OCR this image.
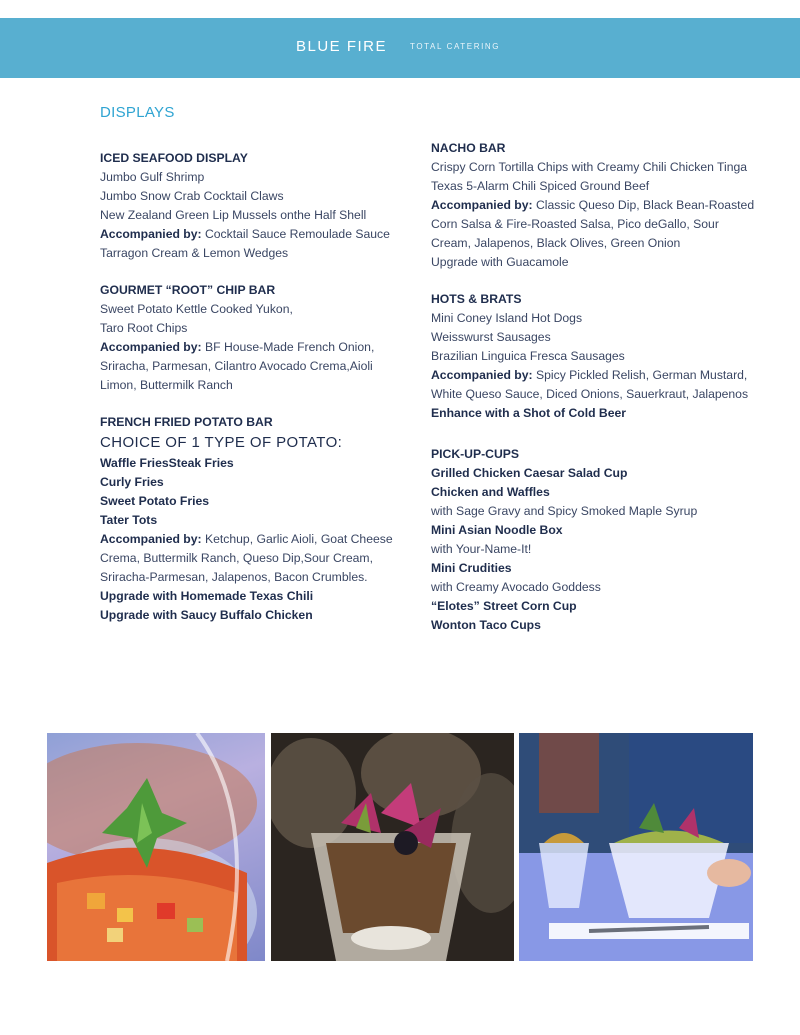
BLUE FIRE	TOTAL CATERING
DISPLAYS
ICED SEAFOOD DISPLAY
Jumbo Gulf Shrimp
Jumbo Snow Crab Cocktail Claws
New Zealand Green Lip Mussels onthe Half Shell
Accompanied by: Cocktail Sauce Remoulade Sauce
Tarragon Cream & Lemon Wedges
GOURMET “ROOT” CHIP BAR
Sweet Potato Kettle Cooked Yukon,
Taro Root Chips
Accompanied by: BF House-Made French Onion,
Sriracha, Parmesan, Cilantro Avocado Crema,Aioli
Limon, Buttermilk Ranch
FRENCH FRIED POTATO BAR
CHOICE OF 1 TYPE OF POTATO:
Waffle FriesSteak Fries
Curly Fries
Sweet Potato Fries
Tater Tots
Accompanied by: Ketchup, Garlic Aioli, Goat Cheese
Crema, Buttermilk Ranch, Queso Dip,Sour Cream,
Sriracha-Parmesan, Jalapenos, Bacon Crumbles.
Upgrade with Homemade Texas Chili
Upgrade with Saucy Buffalo Chicken
NACHO BAR
Crispy Corn Tortilla Chips with Creamy Chili Chicken Tinga
Texas 5-Alarm Chili Spiced Ground Beef
Accompanied by: Classic Queso Dip, Black Bean-Roasted
Corn Salsa & Fire-Roasted Salsa, Pico deGallo, Sour
Cream, Jalapenos, Black Olives, Green Onion
Upgrade with Guacamole
HOTS & BRATS
Mini Coney Island Hot Dogs
Weisswurst Sausages
Brazilian Linguica Fresca Sausages
Accompanied by: Spicy Pickled Relish, German Mustard,
White Queso Sauce, Diced Onions, Sauerkraut, Jalapenos
Enhance with a Shot of Cold Beer
PICK-UP-CUPS
Grilled Chicken Caesar Salad Cup
Chicken and Waffles
with Sage Gravy and Spicy Smoked Maple Syrup
Mini Asian Noodle Box
with Your-Name-It!
Mini Crudities
with Creamy Avocado Goddess
“Elotes” Street Corn Cup
Wonton Taco Cups
